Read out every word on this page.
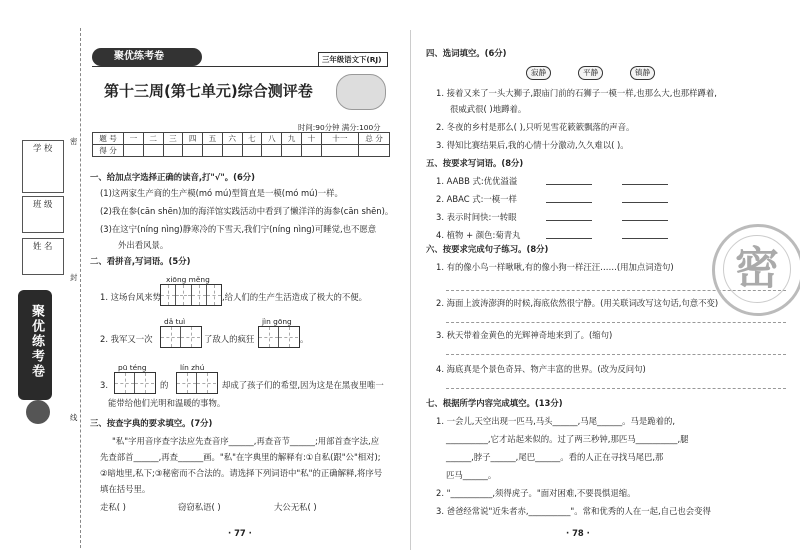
密
封
线
学 校
班 级
姓 名
聚优练考卷
聚优练考卷	三年级语文下(RJ)
第十三周(第七单元)综合测评卷
时间:90分钟 满分:100分
题 号	一	二	三	四	五	六	七	八	九	十	十一	总 分
得 分												
一、给加点字选择正确的读音,打"√"。(6分)
(1)这两家生产商的生产模(mó mú)型简直是一模(mó mú)一样。
(2)我在参(cān shēn)加的海洋馆实践活动中看到了懒洋洋的海参(cān shēn)。
(3)在这宁(níng nìng)静寒冷的下雪天,我们宁(níng nìng)可睡觉,也不愿意
外出看风景。
二、看拼音,写词语。(5分)
xiōng měng
1. 这场台风来势	,给人们的生产生活造成了极大的不便。
dǎ tuì	jìn gōng
2. 我军又一次	了敌人的疯狂	。
pū téng	lín zhú
3.	的	却成了孩子们的希望,因为这是在黑夜里唯一
能带给他们光明和温暖的事物。
三、按查字典的要求填空。(7分)
"私"字用音序查字法应先查音序______,再查音节______;用部首查字法,应
先查部首______,再查______画。"私"在字典里的解释有:①自私(跟"公"相对);
②暗地里,私下;③秘密而不合法的。请选择下列词语中"私"的正确解释,将序号
填在括号里。
走私( )	窃窃私语( )	大公无私( )
· 77 ·
四、选词填空。(6分)
寂静	平静	镇静
1. 接着又来了一头大狮子,跟庙门前的石狮子一模一样,也那么大,也那样蹲着,
很威武很( )地蹲着。
2. 冬夜的乡村是那么( ),只听见雪花簌簌飘落的声音。
3. 得知比赛结果后,我的心情十分激动,久久难以( )。
五、按要求写词语。(8分)
1. AABB 式:优优溢溢
2. ABAC 式:一模一样
3. 表示时间快:一转眼
4. 植物 + 颜色:菊青丸
六、按要求完成句子练习。(8分)
1. 有的像小鸟一样啾啾,有的像小狗一样汪汪……(用加点词造句)
2. 海面上波涛澎湃的时候,海底依然很宁静。(用关联词改写这句话,句意不变)
3. 秋天带着金黄色的光辉神奇地来到了。(缩句)
4. 海底真是个景色奇异、物产丰富的世界。(改为反问句)
七、根据所学内容完成填空。(13分)
1. 一会儿,天空出现一匹马,马头______,马尾______。马是跪着的,
__________,它才站起来似的。过了两三秒钟,那匹马__________,腿
______,脖子______,尾巴______。看的人正在寻找马尾巴,那
匹马______。
2. "__________,须得虎子。"面对困难,不要畏惧退缩。
3. 爸爸经常说"近朱者赤,__________"。常和优秀的人在一起,自己也会变得
· 78 ·
密
